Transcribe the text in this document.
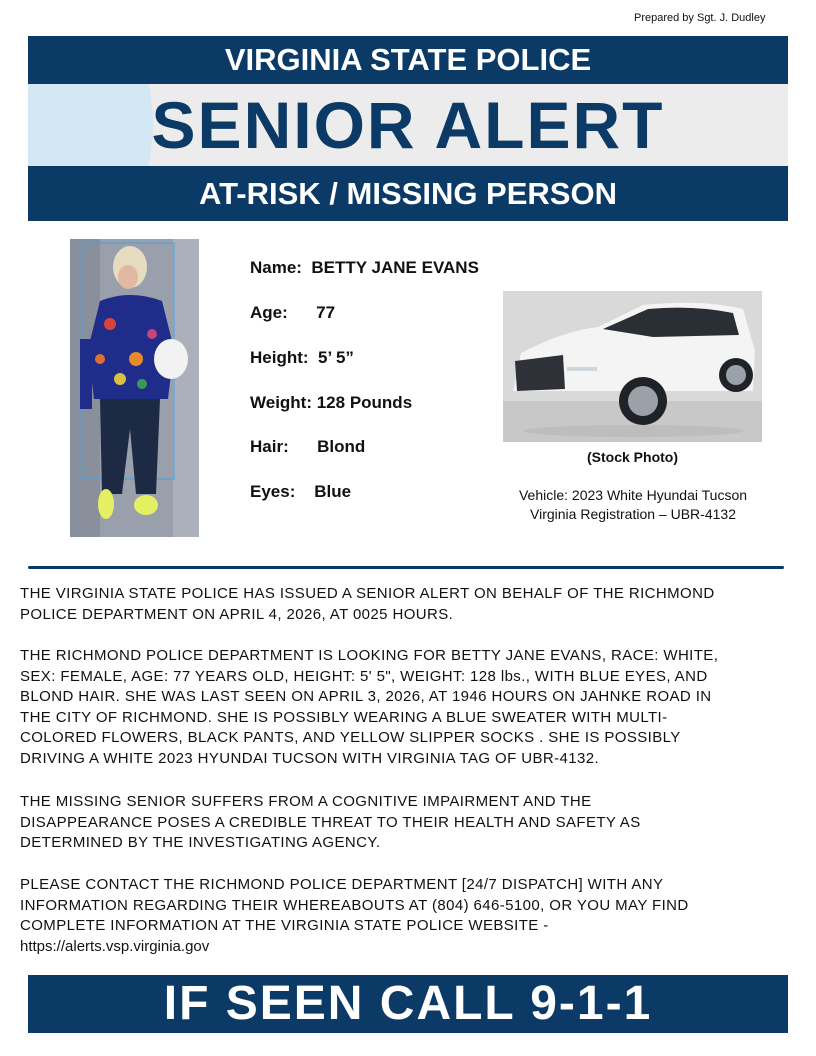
Prepared by Sgt. J. Dudley
VIRGINIA STATE POLICE
SENIOR ALERT
AT-RISK / MISSING PERSON
Name:  BETTY JANE EVANS
Age:      77
Height:  5’ 5”
Weight: 128 Pounds
Hair:      Blond
Eyes:    Blue
(Stock Photo)
Vehicle: 2023 White Hyundai Tucson
Virginia Registration – UBR-4132
THE VIRGINIA STATE POLICE HAS ISSUED A SENIOR ALERT ON BEHALF OF THE RICHMOND
POLICE DEPARTMENT ON APRIL 4, 2026, AT 0025 HOURS.
THE RICHMOND POLICE DEPARTMENT IS LOOKING FOR BETTY JANE EVANS, RACE: WHITE,
SEX: FEMALE, AGE: 77 YEARS OLD, HEIGHT: 5' 5", WEIGHT: 128 lbs., WITH BLUE EYES, AND
BLOND HAIR. SHE WAS LAST SEEN ON APRIL 3, 2026, AT 1946 HOURS ON JAHNKE ROAD IN
THE CITY OF RICHMOND. SHE IS POSSIBLY WEARING A BLUE SWEATER WITH MULTI-
COLORED FLOWERS, BLACK PANTS, AND YELLOW SLIPPER SOCKS . SHE IS POSSIBLY
DRIVING A WHITE 2023 HYUNDAI TUCSON WITH VIRGINIA TAG OF UBR-4132.
THE MISSING SENIOR SUFFERS FROM A COGNITIVE IMPAIRMENT AND THE
DISAPPEARANCE POSES A CREDIBLE THREAT TO THEIR HEALTH AND SAFETY AS
DETERMINED BY THE INVESTIGATING AGENCY.
PLEASE CONTACT THE RICHMOND POLICE DEPARTMENT [24/7 DISPATCH] WITH ANY
INFORMATION REGARDING THEIR WHEREABOUTS AT (804) 646-5100, OR YOU MAY FIND
COMPLETE INFORMATION AT THE VIRGINIA STATE POLICE WEBSITE -
https://alerts.vsp.virginia.gov
IF SEEN CALL 9-1-1
